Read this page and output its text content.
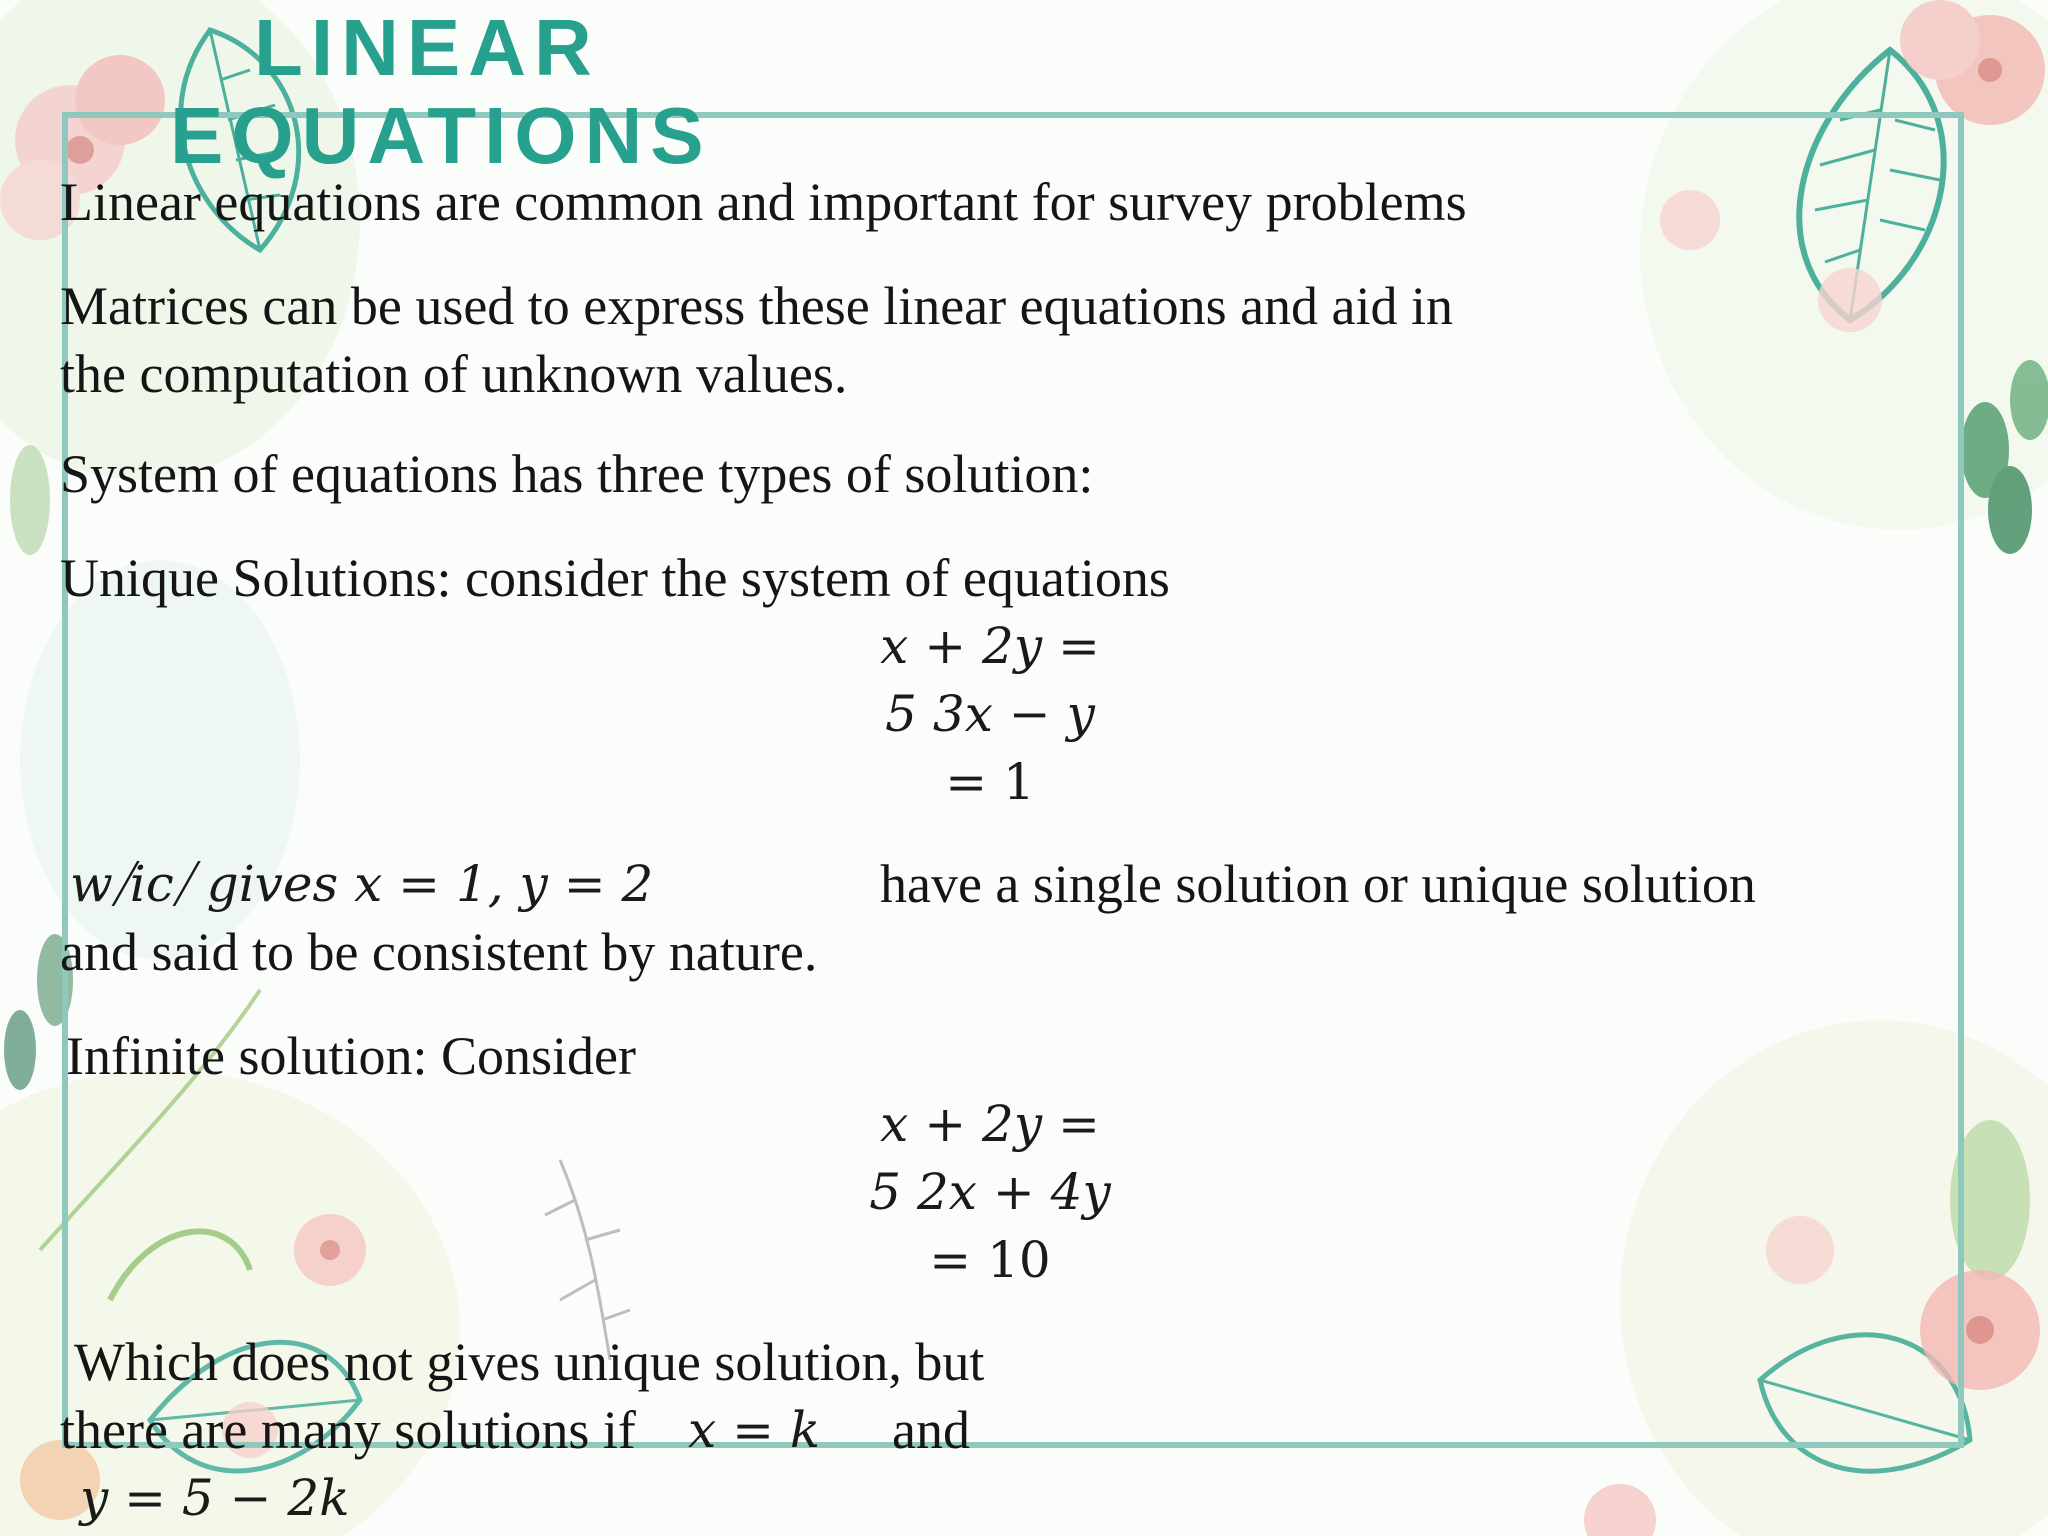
LINEAR
EQUATIONS

Linear equations are common and important for survey problems

Matrices can be used to express these linear equations and aid in

the computation of unknown values.

System of equations has three types of solution:

Unique Solutions: consider the system of equations

x + 2y =
5 3x − y
= 1
w⧸ic⧸ gives x = 1, y = 2	have a single solution or unique solution

and said to be consistent by nature.

Infinite solution: Consider

x + 2y =
5 2x + 4y
= 10

Which does not gives unique solution, but

there are many solutions if x = k and

y = 5 − 2k
